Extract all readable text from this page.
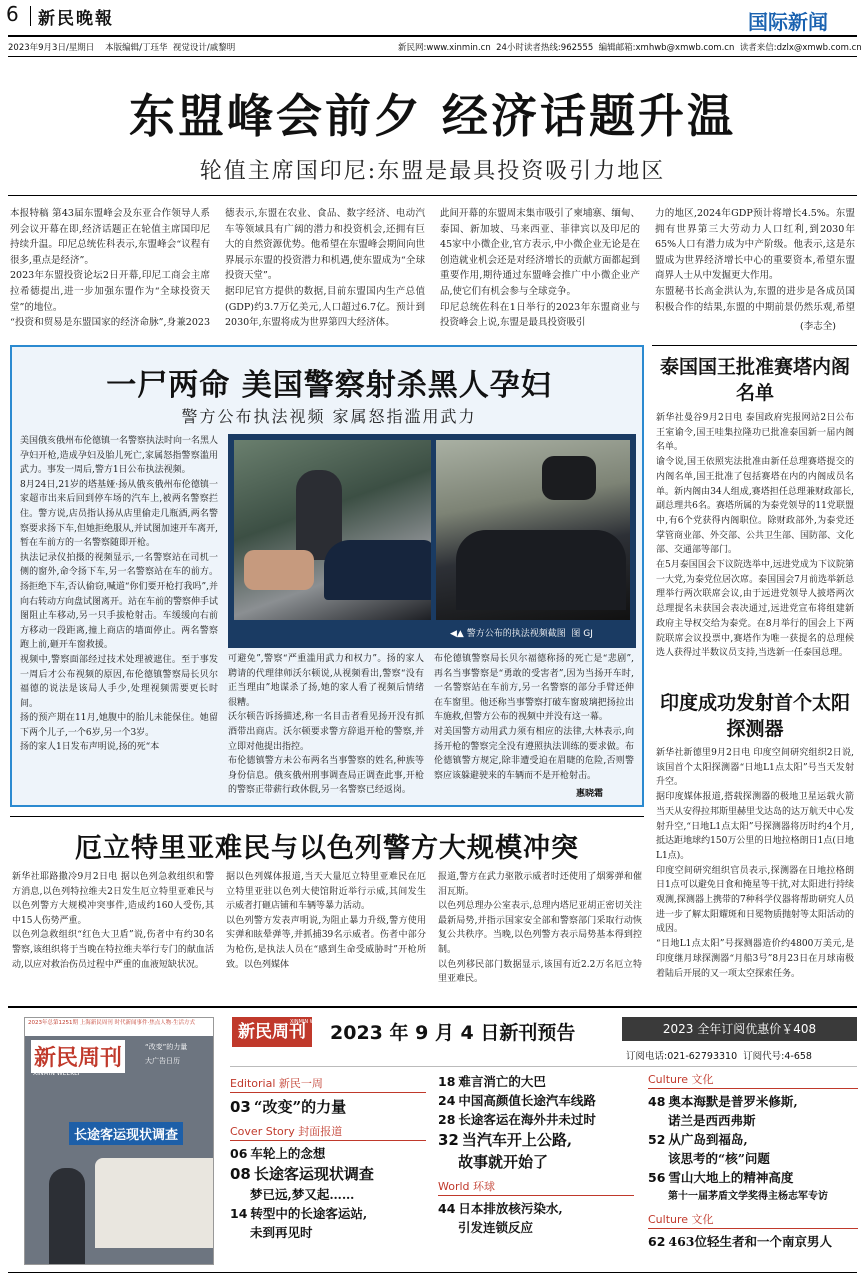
6 新民晚報	国际新闻
2023年9月3日/星期日    本版编辑/丁珏华  视觉设计/戚黎明	新民网:www.xinmin.cn  24小时读者热线:962555  编辑邮箱:xmhwb@xmwb.com.cn  读者来信:dzlx@xmwb.com.cn
东盟峰会前夕 经济话题升温
轮值主席国印尼:东盟是最具投资吸引力地区
本报特稿 第43届东盟峰会及东亚合作领导人系列会议开幕在即,经济话题正在轮值主席国印尼持续升温。印尼总统佐科表示,东盟峰会“议程有很多,重点是经济”。
2023年东盟投资论坛2日开幕,印尼工商会主席拉希德提出,进一步加强东盟作为“全球投资天堂”的地位。
“投资和贸易是东盟国家的经济命脉”,身兼2023
德表示,东盟在农业、食品、数字经济、电动汽车等领域具有广阔的潜力和投资机会,还拥有巨大的自然资源优势。他希望在东盟峰会期间向世界展示东盟的投资潜力和机遇,使东盟成为“全球投资天堂”。
据印尼官方提供的数据,目前东盟国内生产总值(GDP)约3.7万亿美元,人口超过6.7亿。预计到2030年,东盟将成为世界第四大经济体。
此间开幕的东盟周末集市吸引了柬埔寨、缅甸、泰国、新加坡、马来西亚、菲律宾以及印尼的45家中小微企业,官方表示,中小微企业无论是在创造就业机会还是对经济增长的贡献方面都起到重要作用,期待通过东盟峰会推广中小微企业产品,使它们有机会参与全球竞争。
印尼总统佐科在1日举行的2023年东盟商业与投资峰会上说,东盟是最具投资吸引
力的地区,2024年GDP预计将增长4.5%。东盟拥有世界第三大劳动力人口红利,到2030年65%人口有潜力成为中产阶级。他表示,这是东盟成为世界经济增长中心的重要资本,希望东盟商界人士从中发掘更大作用。
东盟秘书长高金洪认为,东盟的进步是各成员国积极合作的结果,东盟的中期前景仍然乐观,希望
(李志全)
一尸两命 美国警察射杀黑人孕妇
警方公布执法视频 家属怒指滥用武力
美国俄亥俄州布伦德镇一名警察执法时向一名黑人孕妇开枪,造成孕妇及胎儿死亡,家属怒指警察滥用武力。事发一周后,警方1日公布执法视频。
8月24日,21岁的塔基娅·扬从俄亥俄州布伦德镇一家超市出来后回到停车场的汽车上,被两名警察拦住。警方说,店员指认扬从店里偷走几瓶酒,两名警察要求扬下车,但她拒绝服从,并试图加速开车离开,暂在车前方的一名警察随即开枪。
执法记录仪拍摄的视频显示,一名警察站在司机一侧的窗外,命令扬下车,另一名警察站在车的前方。扬拒绝下车,否认偷窃,喊道“你们要开枪打我吗”,并向右转动方向盘试图离开。站在车前的警察伸手试图阻止车移动,另一只手拔枪射击。车缓缓向右前方移动一段距离,撞上商店的墙面停止。两名警察跑上前,砸开车窗救援。
视频中,警察面部经过技术处理被遮住。至于事发一周后才公布视频的原因,布伦德镇警察局长贝尔福德的说法是该局人手少,处理视频需要更长时间。
扬的预产期在11月,她腹中的胎儿未能保住。她留下两个儿子,一个6岁,另一个3岁。
扬的家人1日发布声明说,扬的死“本
◀▲ 警方公布的执法视频截图  图 GJ
可避免”,警察“严重滥用武力和权力”。扬的家人聘请的代理律师沃尔顿说,从视频看出,警察“没有正当理由”地谋杀了扬,她的家人看了视频后情绪很糟。
沃尔顿告诉扬描述,称一名目击者看见扬开没有抓酒带出商店。沃尔顿要求警方辞退开枪的警察,并立即对他提出指控。
布伦德镇警方未公布两名当事警察的姓名,种族等身份信息。俄亥俄州刑事调查局正调查此事,开枪的警察正带薪行政休假,另一名警察已经返岗。
布伦德镇警察局长贝尔福德称扬的死亡是“悲剧”,再名当事警察是“勇敢的受害者”,因为当扬开车时,一名警察站在车前方,另一名警察的部分手臂还伸在车窗里。他还称当事警察打破车窗玻璃把扬拉出车施救,但警方公布的视频中并没有这一幕。
对美国警方动用武力须有相应的法律,大林表示,向扬开枪的警察完全没有遵照执法训练的要求做。布伦德镇警方规定,除非遭受迫在眉睫的危险,否则警察应该躲避驶来的车辆而不是开枪射击。
惠晓霜
泰国国王批准赛塔内阁名单
新华社曼谷9月2日电 泰国政府宪报网站2日公布王室谕令,国王哇集拉隆功已批准泰国新一届内阁名单。
谕令说,国王依照宪法批准由新任总理赛塔提交的内阁名单,国王批准了包括赛塔在内的内阁成员名单。新内阁由34人组成,赛塔担任总理兼财政部长,副总理共6名。赛塔所属的为泰党领导的11党联盟中,有6个党获得内阁职位。除财政部外,为泰党还掌管商业部、外交部、公共卫生部、国防部、文化部、交通部等部门。
在5月泰国国会下议院选举中,远进党成为下议院第一大党,为泰党位居次席。泰国国会7月前选举新总理举行两次联席会议,由于远进党领导人披塔两次总理提名未获国会表决通过,远进党宣布将组建新政府主导权交给为泰党。在8月举行的国会上下两院联席会议投票中,赛塔作为唯一获提名的总理候选人获得过半数议员支持,当选新一任泰国总理。
印度成功发射首个太阳探测器
新华社新德里9月2日电 印度空间研究组织2日说,该国首个太阳探测器“日地L1点太阳”号当天发射升空。
据印度媒体报道,搭载探测器的极地卫星运载火箭当天从安得拉邦斯里赫里戈达岛的达万航天中心发射升空,“日地L1点太阳”号探测器将历时约4个月,抵达距地球约150万公里的日地拉格朗日1点(日地L1点)。
印度空间研究组织官员表示,探测器在日地拉格朗日1点可以避免日食和掩星等干扰,对太阳进行持续观测,探测器上携带的7种科学仪器将帮助研究人员进一步了解太阳耀斑和日冕物质抛射等太阳活动的成因。
“日地L1点太阳”号探测器造价约4800万美元,是印度继月球探测器“月船3号”8月23日在月球南极着陆后开展的又一项太空探索任务。
厄立特里亚难民与以色列警方大规模冲突
新华社耶路撒冷9月2日电 据以色列急救组织和警方消息,以色列特拉维夫2日发生厄立特里亚难民与以色列警方大规模冲突事件,造成约160人受伤,其中15人伤势严重。
以色列急救组织“红色大卫盾”说,伤者中有约30名警察,该组织将于当晚在特拉维夫举行专门的献血活动,以应对救治伤员过程中严重的血液短缺状况。
据以色列媒体报道,当天大量厄立特里亚难民在厄立特里亚驻以色列大使馆附近举行示威,其间发生示威者打砸店铺和车辆等暴力活动。
以色列警方发表声明说,为阻止暴力升级,警方使用实弹和眩晕弹等,并抓捕39名示威者。伤者中部分为枪伤,是执法人员在“感到生命受威胁时”开枪所致。以色列媒体
报道,警方在武力驱散示威者时还使用了烟雾弹和催泪瓦斯。
以色列总理办公室表示,总理内塔尼亚胡正密切关注最新局势,并指示国家安全部和警察部门采取行动恢复公共秩序。当晚,以色列警方表示局势基本得到控制。
以色列移民部门数据显示,该国有近2.2万名厄立特里亚难民。
2023年总第1251期 上海新民周刊 时代新闻事件·焦点人物·生活方式
新民周刊
XINMIN WEEKLY
“改变”的力量
大广告日历
长途客运现状调查
新民周刊
XINMIN WEEKLY 2023 年 9 月 4 日新刊预告	2023 全年订阅优惠价￥408
订阅电话:021-62793310  订阅代号:4-658
Editorial 新民一周
03 “改变”的力量
Cover Story 封面报道
06 车轮上的念想
08 长途客运现状调查
梦已远,梦又起……
14 转型中的长途客运站,
未到再见时
18 难言消亡的大巴
24 中国高颜值长途汽车线路
28 长途客运在海外井未过时
32 当汽车开上公路,
故事就开始了
World 环球
44 日本排放核污染水,
引发连锁反应
Culture 文化
48 奥本海默是普罗米修斯,
诺兰是西西弗斯
52 从广岛到福岛,
该思考的“核”问题
56 雪山大地上的精神高度
第十一届茅盾文学奖得主杨志军专访
Culture 文化
62 463位轻生者和一个南京男人
